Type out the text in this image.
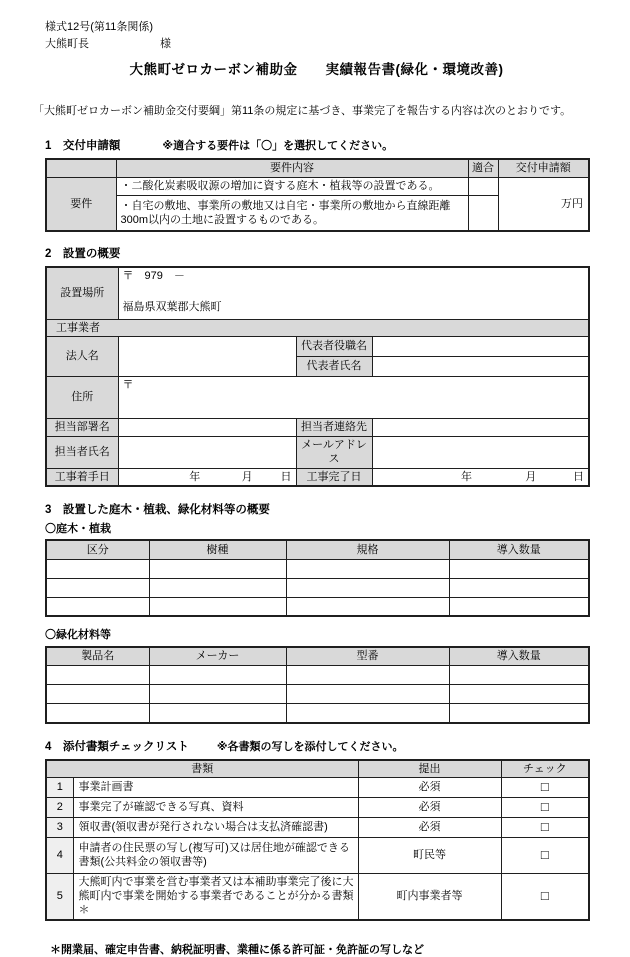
様式12号(第11条関係)
大熊町長	様
大熊町ゼロカーボン補助金　　実績報告書(緑化・環境改善)
「大熊町ゼロカーボン補助金交付要綱」第11条の規定に基づき、事業完了を報告する内容は次のとおりです。
1　交付申請額	※適合する要件は「〇」を選択してください。
	要件内容	適合	交付申請額
要件	・二酸化炭素吸収源の増加に資する庭木・植栽等の設置である。		万円
	・自宅の敷地、事業所の敷地又は自宅・事業所の敷地から直線距離300m以内の土地に設置するものである。		
2　設置の概要
設置場所	〒　979　－
福島県双葉郡大熊町		

工事業者			
法人名		代表者役職名	
		代表者氏名	
住所	〒		

担当部署名		担当者連絡先	
担当者氏名		メールアドレス	
工事着手日	年 月 日	工事完了日	年 月 日
3　設置した庭木・植栽、緑化材料等の概要
〇庭木・植栽
区分	樹種	規格	導入数量

〇緑化材料等
製品名	メーカー	型番	導入数量

4　添付書類チェックリスト	※各書類の写しを添付してください。
書類		提出	チェック
1	事業計画書	必須	□
2	事業完了が確認できる写真、資料	必須	□
3	領収書(領収書が発行されない場合は支払済確認書)	必須	□
4	申請者の住民票の写し(複写可)又は居住地が確認できる書類(公共料金の領収書等)	町民等	□
5	大熊町内で事業を営む事業者又は本補助事業完了後に大熊町内で事業を開始する事業者であることが分かる書類＊	町内事業者等	□
＊開業届、確定申告書、納税証明書、業種に係る許可証・免許証の写しなど
